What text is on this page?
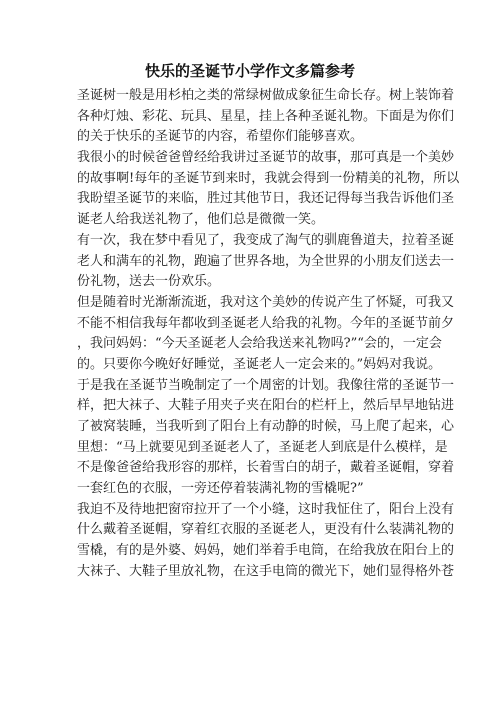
快乐的圣诞节小学作文多篇参考
圣诞树一般是用杉柏之类的常绿树做成象征生命长存。树上装饰着
各种灯烛、彩花、玩具、星星，挂上各种圣诞礼物。下面是为你们
的关于快乐的圣诞节的内容，希望你们能够喜欢。
我很小的时候爸爸曾经给我讲过圣诞节的故事，那可真是一个美妙
的故事啊!每年的圣诞节到来时，我就会得到一份精美的礼物，所以
我盼望圣诞节的来临，胜过其他节日，我还记得每当我告诉他们圣
诞老人给我送礼物了，他们总是微微一笑。
有一次，我在梦中看见了，我变成了淘气的驯鹿鲁道夫，拉着圣诞
老人和满车的礼物，跑遍了世界各地，为全世界的小朋友们送去一
份礼物，送去一份欢乐。
但是随着时光渐渐流逝，我对这个美妙的传说产生了怀疑，可我又
不能不相信我每年都收到圣诞老人给我的礼物。今年的圣诞节前夕
，我问妈妈：“今天圣诞老人会给我送来礼物吗?”“会的，一定会
的。只要你今晚好好睡觉，圣诞老人一定会来的。”妈妈对我说。
于是我在圣诞节当晚制定了一个周密的计划。我像往常的圣诞节一
样，把大袜子、大鞋子用夹子夹在阳台的栏杆上，然后早早地钻进
了被窝装睡，当我听到了阳台上有动静的时候，马上爬了起来，心
里想：“马上就要见到圣诞老人了，圣诞老人到底是什么模样，是
不是像爸爸给我形容的那样，长着雪白的胡子，戴着圣诞帽，穿着
一套红色的衣服，一旁还停着装满礼物的雪橇呢?”
我迫不及待地把窗帘拉开了一个小缝，这时我怔住了，阳台上没有
什么戴着圣诞帽，穿着红衣服的圣诞老人，更没有什么装满礼物的
雪橇，有的是外婆、妈妈，她们举着手电筒，在给我放在阳台上的
大袜子、大鞋子里放礼物，在这手电筒的微光下，她们显得格外苍
